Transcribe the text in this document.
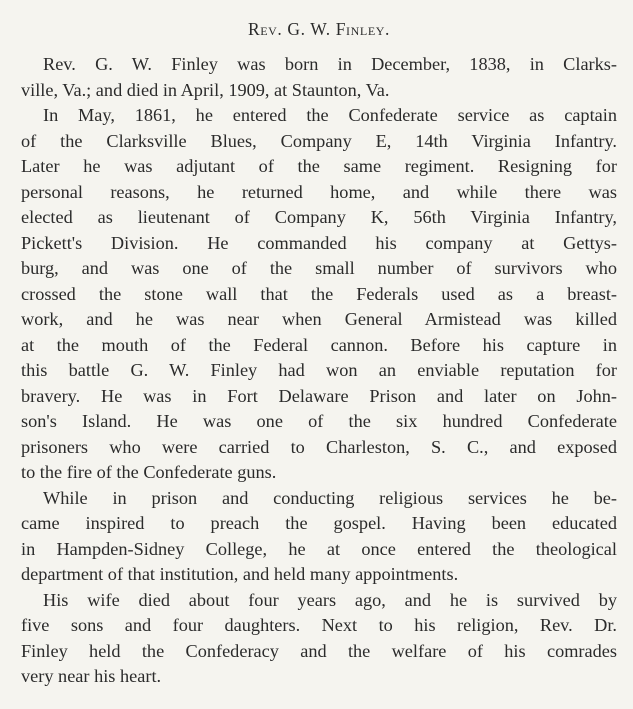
Rev. G. W. Finley.
Rev. G. W. Finley was born in December, 1838, in Clarks-
ville, Va.; and died in April, 1909, at Staunton, Va.
In May, 1861, he entered the Confederate service as captain
of the Clarksville Blues, Company E, 14th Virginia Infantry.
Later he was adjutant of the same regiment. Resigning for
personal reasons, he returned home, and while there was
elected as lieutenant of Company K, 56th Virginia Infantry,
Pickett's Division. He commanded his company at Gettys-
burg, and was one of the small number of survivors who
crossed the stone wall that the Federals used as a breast-
work, and he was near when General Armistead was killed
at the mouth of the Federal cannon. Before his capture in
this battle G. W. Finley had won an enviable reputation for
bravery. He was in Fort Delaware Prison and later on John-
son's Island. He was one of the six hundred Confederate
prisoners who were carried to Charleston, S. C., and exposed
to the fire of the Confederate guns.
While in prison and conducting religious services he be-
came inspired to preach the gospel. Having been educated
in Hampden-Sidney College, he at once entered the theological
department of that institution, and held many appointments.
His wife died about four years ago, and he is survived by
five sons and four daughters. Next to his religion, Rev. Dr.
Finley held the Confederacy and the welfare of his comrades
very near his heart.
